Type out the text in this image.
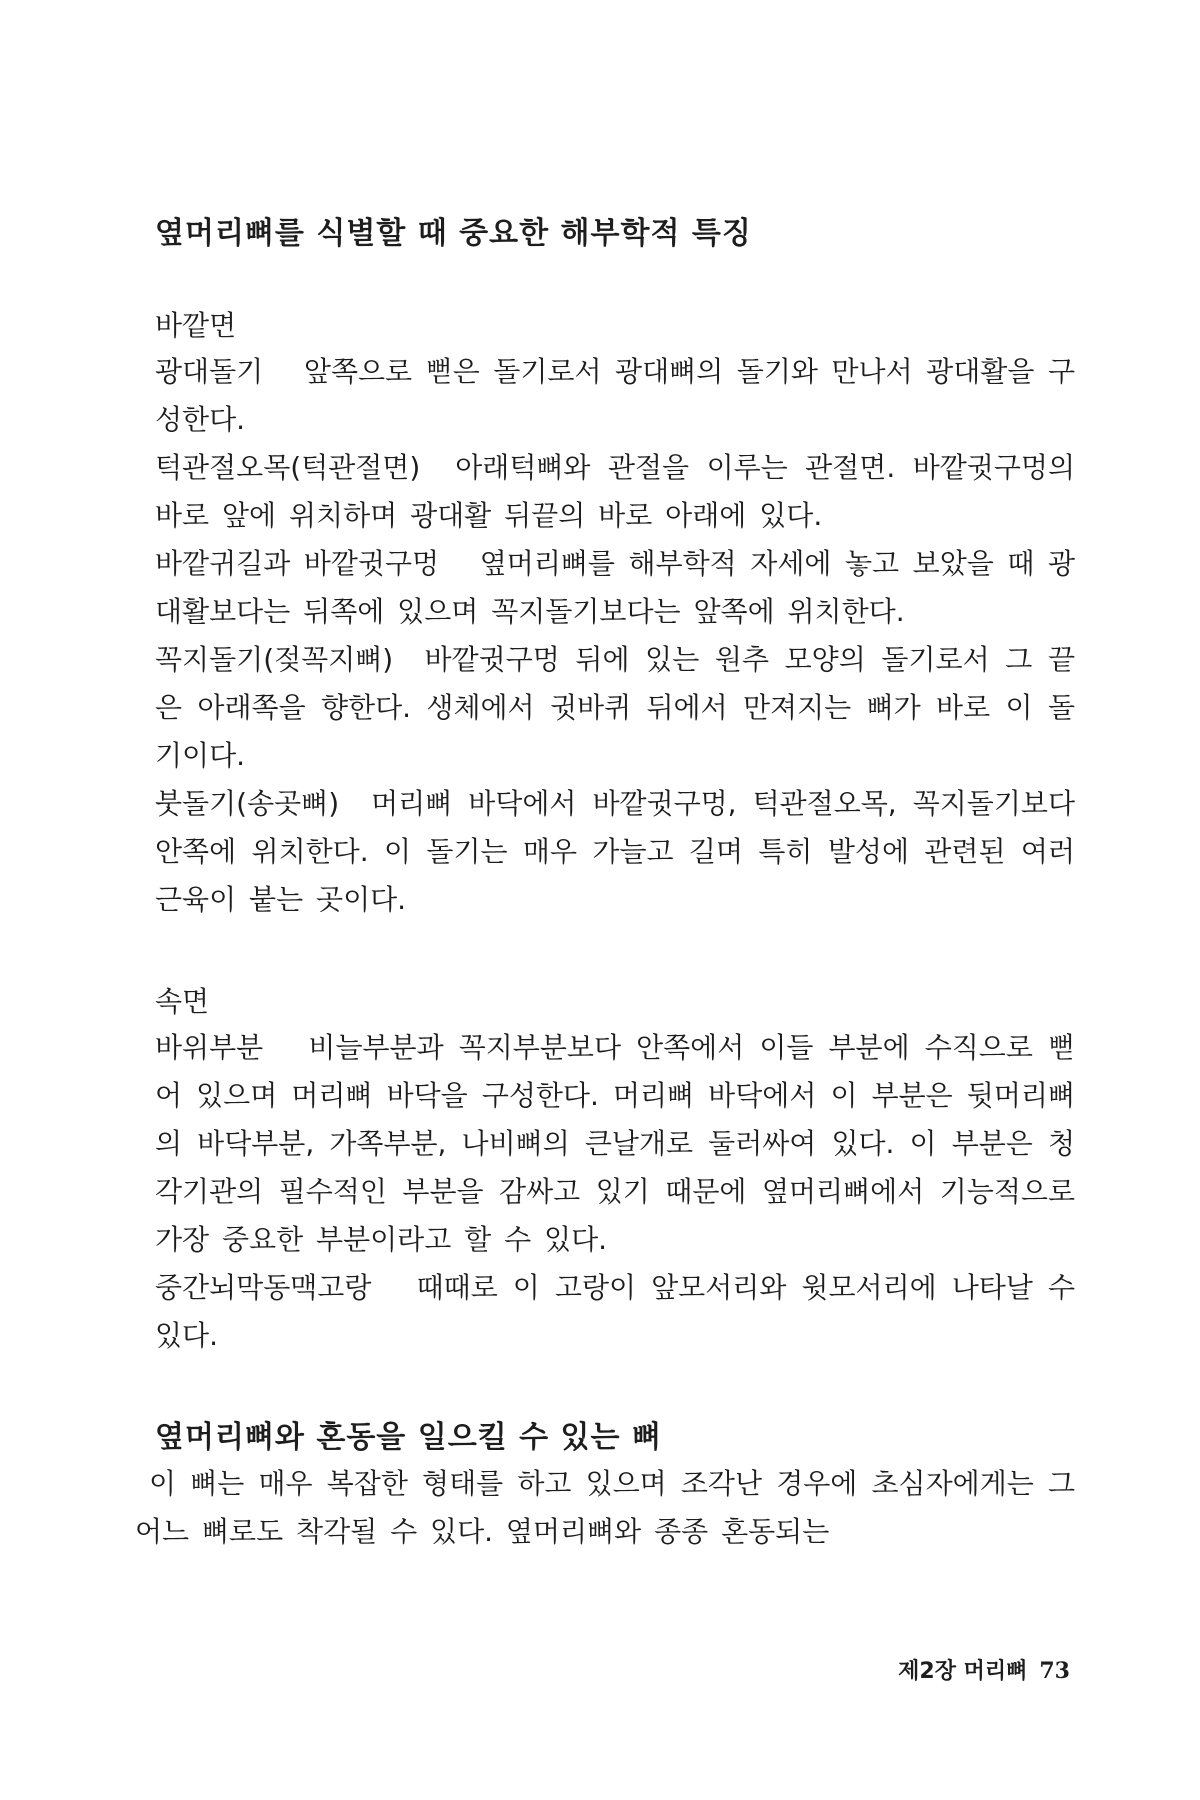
옆머리뼈를 식별할 때 중요한 해부학적 특징

바깥면

광대돌기 앞쪽으로 뻗은 돌기로서 광대뼈의 돌기와 만나서 광대활을 구성한다.

턱관절오목(턱관절면) 아래턱뼈와 관절을 이루는 관절면. 바깥귓구멍의 바로 앞에 위치하며 광대활 뒤끝의 바로 아래에 있다.

바깥귀길과 바깥귓구멍 옆머리뼈를 해부학적 자세에 놓고 보았을 때 광대활보다는 뒤쪽에 있으며 꼭지돌기보다는 앞쪽에 위치한다.

꼭지돌기(젖꼭지뼈) 바깥귓구멍 뒤에 있는 원추 모양의 돌기로서 그 끝은 아래쪽을 향한다. 생체에서 귓바퀴 뒤에서 만져지는 뼈가 바로 이 돌기이다.

붓돌기(송곳뼈) 머리뼈 바닥에서 바깥귓구멍, 턱관절오목, 꼭지돌기보다 안쪽에 위치한다. 이 돌기는 매우 가늘고 길며 특히 발성에 관련된 여러 근육이 붙는 곳이다.

속면

바위부분 비늘부분과 꼭지부분보다 안쪽에서 이들 부분에 수직으로 뻗어 있으며 머리뼈 바닥을 구성한다. 머리뼈 바닥에서 이 부분은 뒷머리뼈의 바닥부분, 가쪽부분, 나비뼈의 큰날개로 둘러싸여 있다. 이 부분은 청각기관의 필수적인 부분을 감싸고 있기 때문에 옆머리뼈에서 기능적으로 가장 중요한 부분이라고 할 수 있다.

중간뇌막동맥고랑 때때로 이 고랑이 앞모서리와 윗모서리에 나타날 수 있다.

옆머리뼈와 혼동을 일으킬 수 있는 뼈

이 뼈는 매우 복잡한 형태를 하고 있으며 조각난 경우에 초심자에게는 그 어느 뼈로도 착각될 수 있다. 옆머리뼈와 종종 혼동되는

제2장 머리뼈 73
